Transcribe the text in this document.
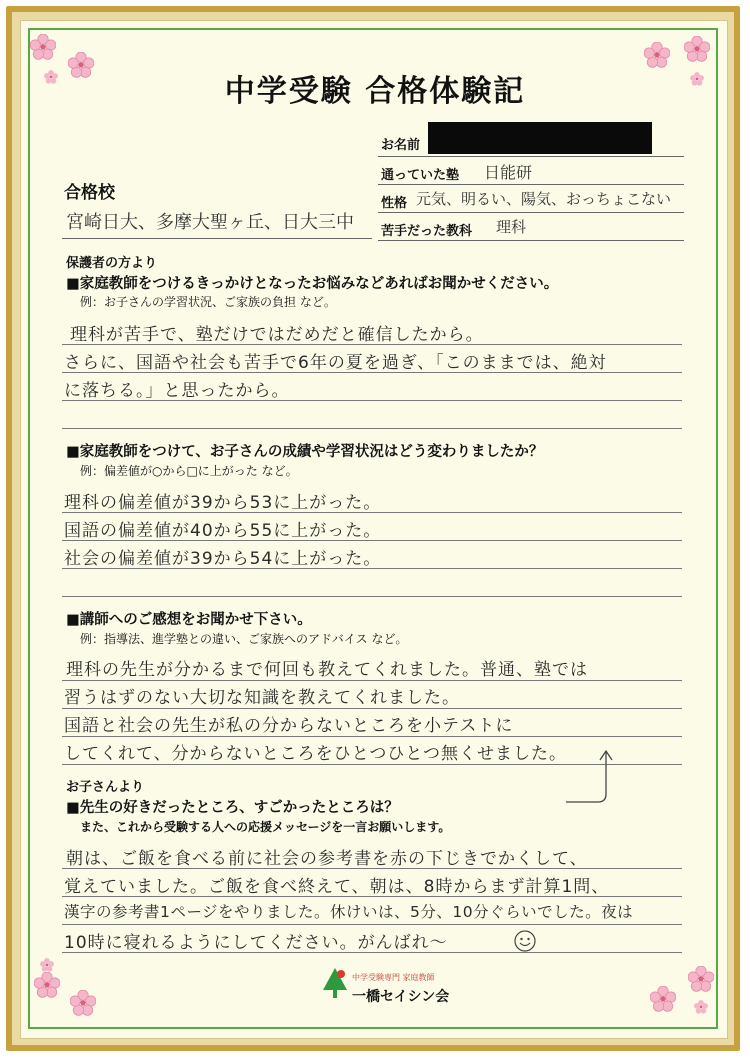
中学受験 合格体験記
お名前
通っていた塾 日能研
性格 元気、明るい、陽気、おっちょこない
苦手だった教科 理科
合格校
宮崎日大、多摩大聖ヶ丘、日大三中
保護者の方より
■家庭教師をつけるきっかけとなったお悩みなどあればお聞かせください。
例：お子さんの学習状況、ご家族の負担 など。
理科が苦手で、塾だけではだめだと確信したから。
さらに、国語や社会も苦手で6年の夏を過ぎ、「このままでは、絶対
に落ちる。」と思ったから。
■家庭教師をつけて、お子さんの成績や学習状況はどう変わりましたか？
例：偏差値が○から□に上がった など。
理科の偏差値が39から53に上がった。
国語の偏差値が40から55に上がった。
社会の偏差値が39から54に上がった。
■講師へのご感想をお聞かせ下さい。
例：指導法、進学塾との違い、ご家族へのアドバイス など。
理科の先生が分かるまで何回も教えてくれました。普通、塾では
習うはずのない大切な知識を教えてくれました。
国語と社会の先生が私の分からないところを小テストに
してくれて、分からないところをひとつひとつ無くせました。
お子さんより
■先生の好きだったところ、すごかったところは？
また、これから受験する人への応援メッセージを一言お願いします。
朝は、ご飯を食べる前に社会の参考書を赤の下じきでかくして、
覚えていました。ご飯を食べ終えて、朝は、8時からまず計算1問、
漢字の参考書1ページをやりました。休けいは、5分、10分ぐらいでした。夜は
10時に寝れるようにしてください。がんばれ〜
中学受験専門 家庭教師
一橋セイシン会
